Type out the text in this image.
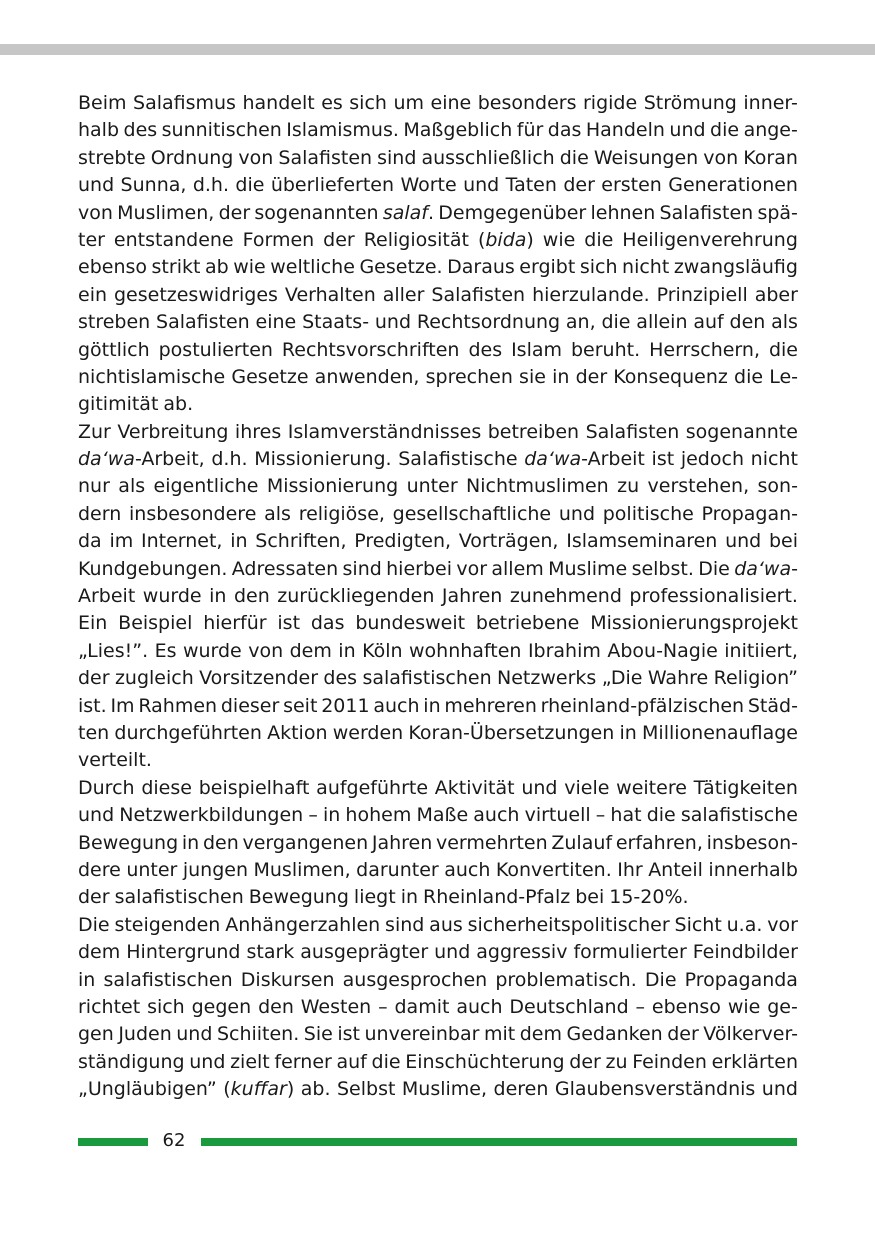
Beim Salafismus handelt es sich um eine besonders rigide Strömung inner-
halb des sunnitischen Islamismus. Maßgeblich für das Handeln und die ange-
strebte Ordnung von Salafisten sind ausschließlich die Weisungen von Koran
und Sunna, d.h. die überlieferten Worte und Taten der ersten Generationen
von Muslimen, der sogenannten salaf. Demgegenüber lehnen Salafisten spä-
ter entstandene Formen der Religiosität (bida) wie die Heiligenverehrung
ebenso strikt ab wie weltliche Gesetze. Daraus ergibt sich nicht zwangsläufig
ein gesetzeswidriges Verhalten aller Salafisten hierzulande. Prinzipiell aber
streben Salafisten eine Staats- und Rechtsordnung an, die allein auf den als
göttlich postulierten Rechtsvorschriften des Islam beruht. Herrschern, die
nichtislamische Gesetze anwenden, sprechen sie in der Konsequenz die Le-
gitimität ab.
Zur Verbreitung ihres Islamverständnisses betreiben Salafisten sogenannte
da‘wa-Arbeit, d.h. Missionierung. Salafistische da‘wa-Arbeit ist jedoch nicht
nur als eigentliche Missionierung unter Nichtmuslimen zu verstehen, son-
dern insbesondere als religiöse, gesellschaftliche und politische Propagan-
da im Internet, in Schriften, Predigten, Vorträgen, Islamseminaren und bei
Kundgebungen. Adressaten sind hierbei vor allem Muslime selbst. Die da‘wa-
Arbeit wurde in den zurückliegenden Jahren zunehmend professionalisiert.
Ein Beispiel hierfür ist das bundesweit betriebene Missionierungsprojekt
„Lies!”. Es wurde von dem in Köln wohnhaften Ibrahim Abou-Nagie initiiert,
der zugleich Vorsitzender des salafistischen Netzwerks „Die Wahre Religion”
ist. Im Rahmen dieser seit 2011 auch in mehreren rheinland-pfälzischen Städ-
ten durchgeführten Aktion werden Koran-Übersetzungen in Millionenauflage
verteilt.
Durch diese beispielhaft aufgeführte Aktivität und viele weitere Tätigkeiten
und Netzwerkbildungen – in hohem Maße auch virtuell – hat die salafistische
Bewegung in den vergangenen Jahren vermehrten Zulauf erfahren, insbeson-
dere unter jungen Muslimen, darunter auch Konvertiten. Ihr Anteil innerhalb
der salafistischen Bewegung liegt in Rheinland-Pfalz bei 15-20%.
Die steigenden Anhängerzahlen sind aus sicherheitspolitischer Sicht u.a. vor
dem Hintergrund stark ausgeprägter und aggressiv formulierter Feindbilder
in salafistischen Diskursen ausgesprochen problematisch. Die Propaganda
richtet sich gegen den Westen – damit auch Deutschland – ebenso wie ge-
gen Juden und Schiiten. Sie ist unvereinbar mit dem Gedanken der Völkerver-
ständigung und zielt ferner auf die Einschüchterung der zu Feinden erklärten
„Ungläubigen” (kuffar) ab. Selbst Muslime, deren Glaubensverständnis und
62
